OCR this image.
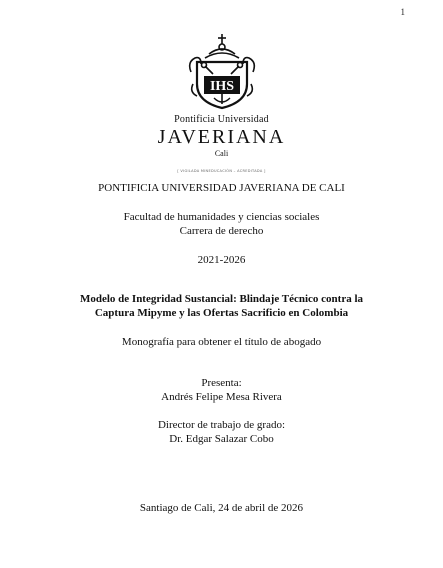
1
IHS
Pontificia Universidad
JAVERIANA
Cali
[ VIGILADA MINEDUCACIÓN – ACREDITADA ]
PONTIFICIA UNIVERSIDAD JAVERIANA DE CALI
Facultad de humanidades y ciencias sociales
Carrera de derecho
2021-2026
Modelo de Integridad Sustancial: Blindaje Técnico contra la
Captura Mipyme y las Ofertas Sacrificio en Colombia
Monografía para obtener el título de abogado
Presenta:
Andrés Felipe Mesa Rivera
Director de trabajo de grado:
Dr. Edgar Salazar Cobo
Santiago de Cali, 24 de abril de 2026
